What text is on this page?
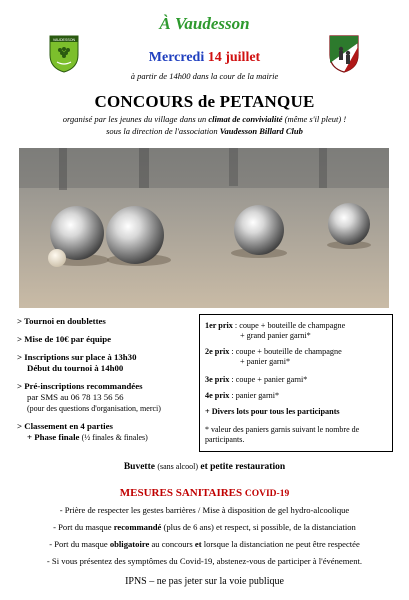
À Vaudesson
VAUDESSON
Mercredi 14 juillet
à partir de 14h00 dans la cour de la mairie
CONCOURS de PETANQUE
organisé par les jeunes du village dans un climat de convivialité (même s'il pleut) !
sous la direction de l'association Vaudesson Billard Club
> Tournoi en doublettes
> Mise de 10€ par équipe
> Inscriptions sur place à 13h30
Début du tournoi à 14h00
> Pré-inscriptions recommandées
par SMS au 06 78 13 56 56
(pour des questions d'organisation, merci)
> Classement en 4 parties
+ Phase finale (½ finales & finales)
1er prix : coupe + bouteille de champagne
+ grand panier garni*
2e prix : coupe + bouteille de champagne
+ panier garni*
3e prix : coupe + panier garni*
4e prix : panier garni*
+ Divers lots pour tous les participants
* valeur des paniers garnis suivant le nombre de participants.
Buvette (sans alcool) et petite restauration
MESURES SANITAIRES COVID-19
- Prière de respecter les gestes barrières / Mise à disposition de gel hydro-alcoolique
- Port du masque recommandé (plus de 6 ans) et respect, si possible, de la distanciation
- Port du masque obligatoire au concours et lorsque la distanciation ne peut être respectée
- Si vous présentez des symptômes du Covid-19, abstenez-vous de participer à l'événement.
IPNS – ne pas jeter sur la voie publique
